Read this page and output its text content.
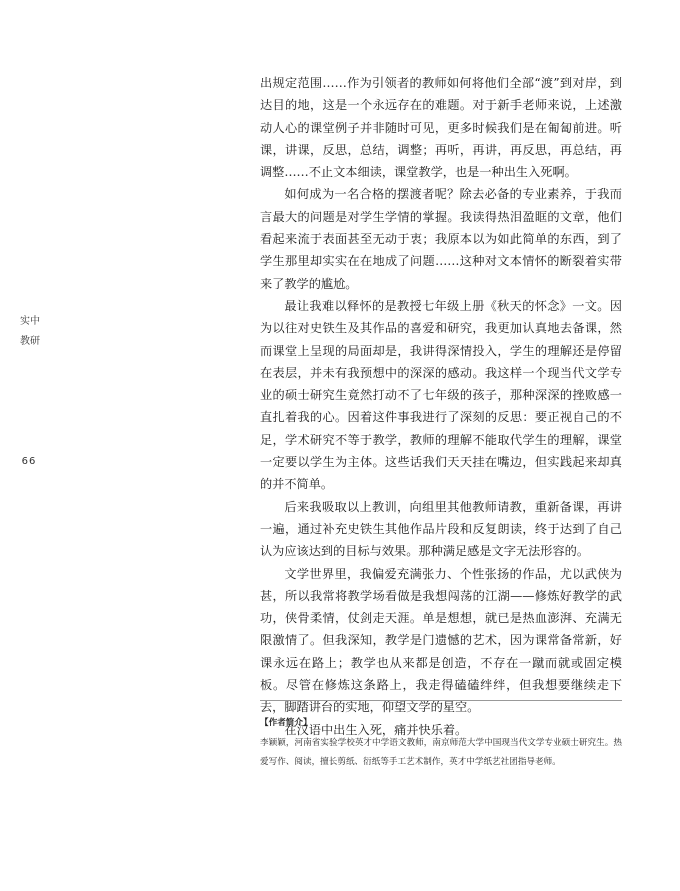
实中教研
66

出规定范围……作为引领者的教师如何将他们全部“渡”到对岸，到达目的地，这是一个永远存在的难题。对于新手老师来说，上述激动人心的课堂例子并非随时可见，更多时候我们是在匍匐前进。听课，讲课，反思，总结，调整；再听，再讲，再反思，再总结，再调整……不止文本细读，课堂教学，也是一种出生入死啊。

如何成为一名合格的摆渡者呢？除去必备的专业素养，于我而言最大的问题是对学生学情的掌握。我读得热泪盈眶的文章，他们看起来流于表面甚至无动于衷；我原本以为如此简单的东西，到了学生那里却实实在在地成了问题……这种对文本情怀的断裂着实带来了教学的尴尬。

最让我难以释怀的是教授七年级上册《秋天的怀念》一文。因为以往对史铁生及其作品的喜爱和研究，我更加认真地去备课，然而课堂上呈现的局面却是，我讲得深情投入，学生的理解还是停留在表层，并未有我预想中的深深的感动。我这样一个现当代文学专业的硕士研究生竟然打动不了七年级的孩子，那种深深的挫败感一直扎着我的心。因着这件事我进行了深刻的反思：要正视自己的不足，学术研究不等于教学，教师的理解不能取代学生的理解，课堂一定要以学生为主体。这些话我们天天挂在嘴边，但实践起来却真的并不简单。

后来我吸取以上教训，向组里其他教师请教，重新备课，再讲一遍，通过补充史铁生其他作品片段和反复朗读，终于达到了自己认为应该达到的目标与效果。那种满足感是文字无法形容的。

文学世界里，我偏爱充满张力、个性张扬的作品，尤以武侠为甚，所以我常将教学场看做是我想闯荡的江湖——修炼好教学的武功，侠骨柔情，仗剑走天涯。单是想想，就已是热血澎湃、充满无限激情了。但我深知，教学是门遗憾的艺术，因为课常备常新，好课永远在路上；教学也从来都是创造，不存在一蹴而就或固定模板。尽管在修炼这条路上，我走得磕磕绊绊，但我想要继续走下去，脚踏讲台的实地，仰望文学的星空。

在汉语中出生入死，痛并快乐着。

【作者简介】

李颖颖，河南省实验学校英才中学语文教师，南京师范大学中国现当代文学专业硕士研究生。热爱写作、阅读，擅长剪纸、衍纸等手工艺术制作，英才中学纸艺社团指导老师。
